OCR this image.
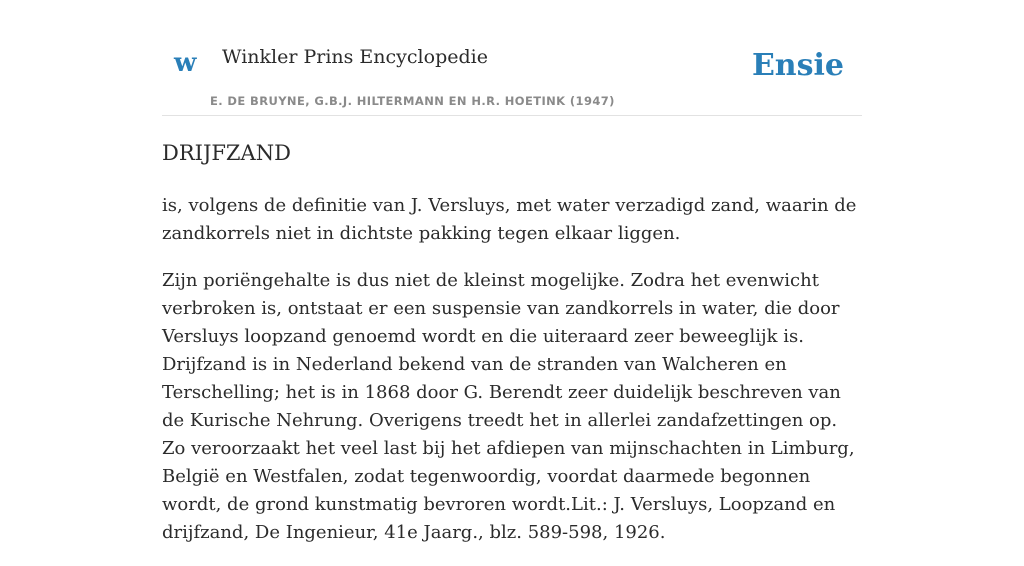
w Winkler Prins Encyclopedie
E. DE BRUYNE, G.B.J. HILTERMANN EN H.R. HOETINK (1947)
Ensie
DRIJFZAND

is, volgens de definitie van J. Versluys, met water verzadigd zand, waarin de zandkorrels niet in dichtste pakking tegen elkaar liggen.

Zijn poriëngehalte is dus niet de kleinst mogelijke. Zodra het evenwicht verbroken is, ontstaat er een suspensie van zandkorrels in water, die door Versluys loopzand genoemd wordt en die uiteraard zeer beweeglijk is. Drijfzand is in Nederland bekend van de stranden van Walcheren en Terschelling; het is in 1868 door G. Berendt zeer duidelijk beschreven van de Kurische Nehrung. Overigens treedt het in allerlei zandafzettingen op. Zo veroorzaakt het veel last bij het afdiepen van mijnschachten in Limburg, België en Westfalen, zodat tegenwoordig, voordat daarmede begonnen wordt, de grond kunstmatig bevroren wordt.Lit.: J. Versluys, Loopzand en drijfzand, De Ingenieur, 41e Jaarg., blz. 589-598, 1926.
